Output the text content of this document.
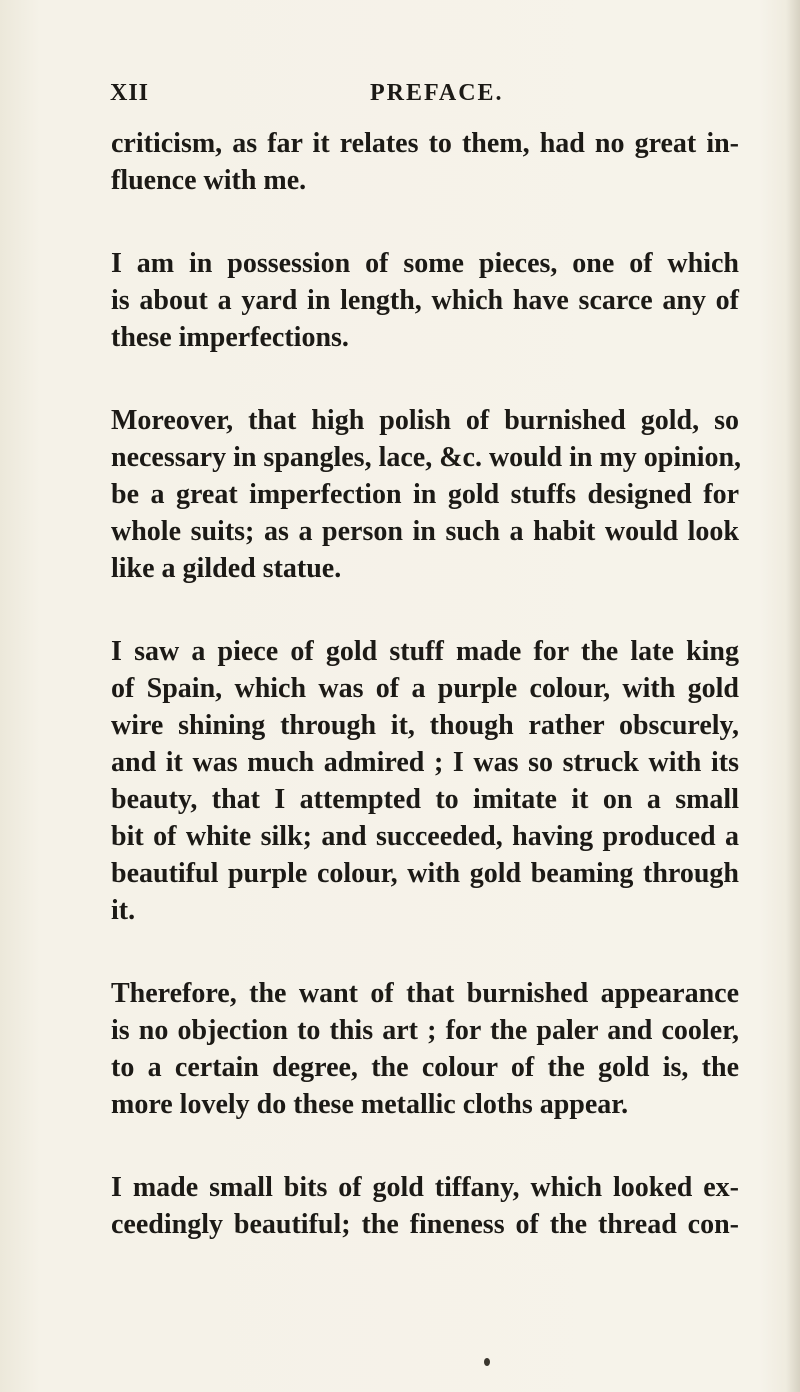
XII	PREFACE.

criticism, as far it relates to them, had no great in-
fluence with me.

I am in possession of some pieces, one of which
is about a yard in length, which have scarce any of
these imperfections.

Moreover, that high polish of burnished gold, so
necessary in spangles, lace, &c. would in my opinion,
be a great imperfection in gold stuffs designed for
whole suits; as a person in such a habit would look
like a gilded statue.

I saw a piece of gold stuff made for the late king
of Spain, which was of a purple colour, with gold
wire shining through it, though rather obscurely,
and it was much admired ; I was so struck with its
beauty, that I attempted to imitate it on a small
bit of white silk; and succeeded, having produced a
beautiful purple colour, with gold beaming through
it.

Therefore, the want of that burnished appearance
is no objection to this art ; for the paler and cooler,
to a certain degree, the colour of the gold is, the
more lovely do these metallic cloths appear.

I made small bits of gold tiffany, which looked ex-
ceedingly beautiful; the fineness of the thread con-
